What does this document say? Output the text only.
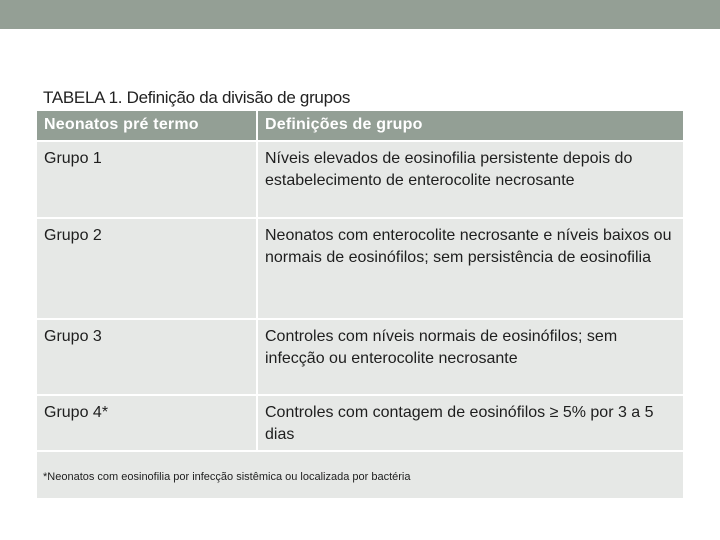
TABELA 1. Definição da divisão de grupos
Neonatos pré termo	Definições de grupo
Grupo 1	Níveis elevados de eosinofilia persistente depois do estabelecimento de enterocolite necrosante
Grupo 2	Neonatos com enterocolite necrosante e níveis baixos ou normais de eosinófilos; sem persistência de eosinofilia
Grupo 3	Controles com níveis normais de eosinófilos; sem infecção ou enterocolite necrosante
Grupo 4*	Controles com contagem de eosinófilos ≥ 5% por 3 a 5 dias
*Neonatos com eosinofilia por infecção sistêmica ou localizada por bactéria
